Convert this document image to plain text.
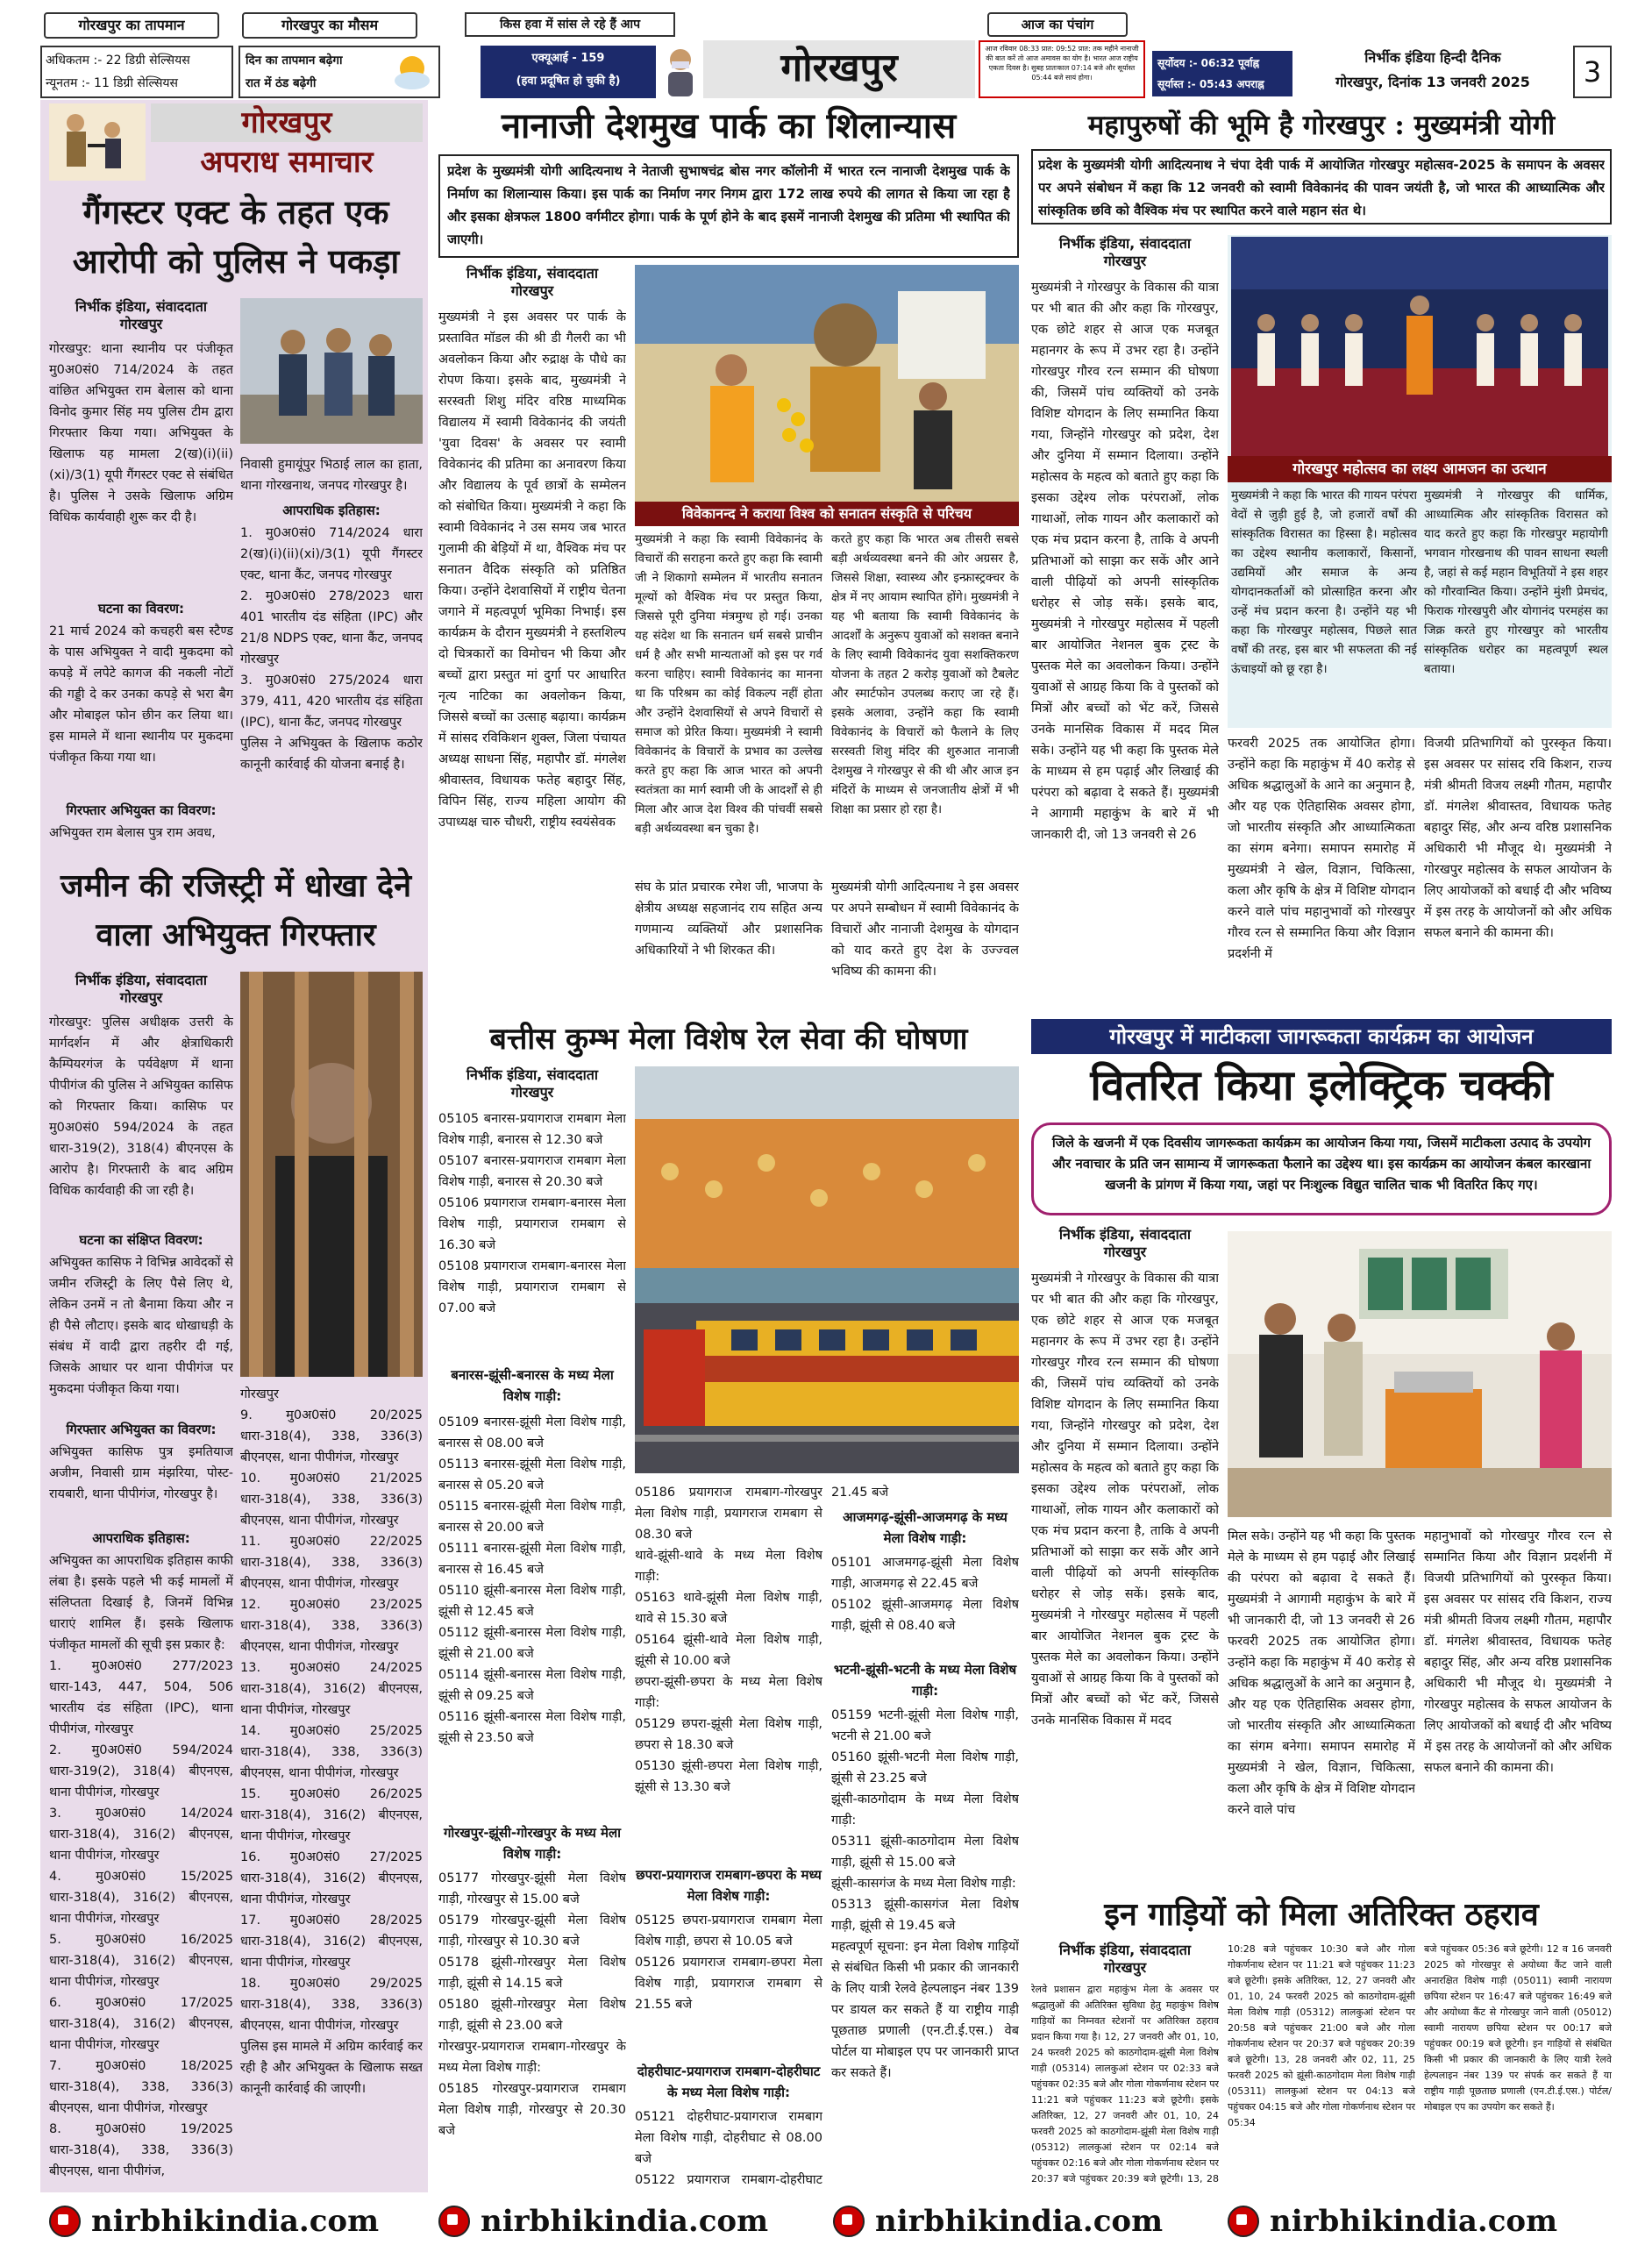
गोरखपुर का तापमान
अधिकतम :- 22 डिग्री सेल्सियस
न्यूनतम :- 11 डिग्री सेल्सियस
गोरखपुर का मौसम
दिन का तापमान बढ़ेगा
रात में ठंड बढ़ेगी
किस हवा में सांस ले रहे हैं आप
एक्यूआई - 159
(हवा प्रदूषित हो चुकी है)	गोरखपुर
आज का पंचांग
आज रविवार 08:33 प्रात: 09:52 प्रात: तक महीने नानाजी की बात करें तो आज अमावस का योग है। भारत आज राष्ट्रीय एकता दिवस है। सुबह प्रातःकाल 07:14 बजे और सूर्यास्त 05:44 बजे सायं होगा।
सूर्योदय :- 06:32 पूर्वाह्न
सूर्यास्त :- 05:43 अपराह्न
निर्भीक इंडिया हिन्दी दैनिक
गोरखपुर, दिनांक 13 जनवरी 2025	3
गोरखपुर
अपराध समाचार
गैंगस्टर एक्ट के तहत एक आरोपी को पुलिस ने पकड़ा
निर्भीक इंडिया, संवाददाता
गोरखपुर
गोरखपुर: थाना स्थानीय पर पंजीकृत मु0अ0सं0 714/2024 के तहत वांछित अभियुक्त राम बेलास को थाना विनोद कुमार सिंह मय पुलिस टीम द्वारा गिरफ्तार किया गया। अभियुक्त के खिलाफ यह मामला 2(ख)(i)(ii)(xi)/3(1) यूपी गैंगस्टर एक्ट से संबंधित है। पुलिस ने उसके खिलाफ अग्रिम विधिक कार्यवाही शुरू कर दी है।
निवासी हुमायूंपुर भिठाई लाल का हाता, थाना गोरखनाथ, जनपद गोरखपुर है।
आपराधिक इतिहास:
1. मु0अ0सं0 714/2024 धारा 2(ख)(i)(ii)(xi)/3(1) यूपी गैंगस्टर एक्ट, थाना कैंट, जनपद गोरखपुर
2. मु0अ0सं0 278/2023 धारा 401 भारतीय दंड संहिता (IPC) और 21/8 NDPS एक्ट, थाना कैंट, जनपद गोरखपुर
3. मु0अ0सं0 275/2024 धारा 379, 411, 420 भारतीय दंड संहिता (IPC), थाना कैंट, जनपद गोरखपुर
पुलिस ने अभियुक्त के खिलाफ कठोर कानूनी कार्रवाई की योजना बनाई है।
घटना का विवरण:
21 मार्च 2024 को कचहरी बस स्टैण्ड के पास अभियुक्त ने वादी मुकदमा को कपड़े में लपेटे कागज की नकली नोटों की गड्डी दे कर उनका कपड़े से भरा बैग और मोबाइल फोन छीन कर लिया था। इस मामले में थाना स्थानीय पर मुकदमा पंजीकृत किया गया था।
गिरफ्तार अभियुक्त का विवरण:
अभियुक्त राम बेलास पुत्र राम अवध,
जमीन की रजिस्ट्री में धोखा देने वाला अभियुक्त गिरफ्तार
निर्भीक इंडिया, संवाददाता
गोरखपुर
गोरखपुर: पुलिस अधीक्षक उत्तरी के मार्गदर्शन में और क्षेत्राधिकारी कैम्पियरगंज के पर्यवेक्षण में थाना पीपीगंज की पुलिस ने अभियुक्त कासिफ को गिरफ्तार किया। कासिफ पर मु0अ0सं0 594/2024 के तहत धारा-319(2), 318(4) बीएनएस के आरोप है। गिरफ्तारी के बाद अग्रिम विधिक कार्यवाही की जा रही है।
घटना का संक्षिप्त विवरण:
अभियुक्त कासिफ ने विभिन्न आवेदकों से जमीन रजिस्ट्री के लिए पैसे लिए थे, लेकिन उनमें न तो बैनामा किया और न ही पैसे लौटाए। इसके बाद धोखाधड़ी के संबंध में वादी द्वारा तहरीर दी गई, जिसके आधार पर थाना पीपीगंज पर मुकदमा पंजीकृत किया गया।
गिरफ्तार अभियुक्त का विवरण:
अभियुक्त कासिफ पुत्र इमतियाज अजीम, निवासी ग्राम मंझरिया, पोस्ट-रायबारी, थाना पीपीगंज, गोरखपुर है।
आपराधिक इतिहास:
अभियुक्त का आपराधिक इतिहास काफी लंबा है। इसके पहले भी कई मामलों में संलिप्तता दिखाई है, जिनमें विभिन्न धाराएं शामिल हैं। इसके खिलाफ पंजीकृत मामलों की सूची इस प्रकार है:
1. मु0अ0सं0 277/2023 धारा-143, 447, 504, 506 भारतीय दंड संहिता (IPC), थाना पीपीगंज, गोरखपुर
2. मु0अ0सं0 594/2024 धारा-319(2), 318(4) बीएनएस, थाना पीपीगंज, गोरखपुर
3. मु0अ0सं0 14/2024 धारा-318(4), 316(2) बीएनएस, थाना पीपीगंज, गोरखपुर
4. मु0अ0सं0 15/2025 धारा-318(4), 316(2) बीएनएस, थाना पीपीगंज, गोरखपुर
5. मु0अ0सं0 16/2025 धारा-318(4), 316(2) बीएनएस, थाना पीपीगंज, गोरखपुर
6. मु0अ0सं0 17/2025 धारा-318(4), 316(2) बीएनएस, थाना पीपीगंज, गोरखपुर
7. मु0अ0सं0 18/2025 धारा-318(4), 338, 336(3) बीएनएस, थाना पीपीगंज, गोरखपुर
8. मु0अ0सं0 19/2025 धारा-318(4), 338, 336(3) बीएनएस, थाना पीपीगंज,
गोरखपुर
9. मु0अ0सं0 20/2025 धारा-318(4), 338, 336(3) बीएनएस, थाना पीपीगंज, गोरखपुर
10. मु0अ0सं0 21/2025 धारा-318(4), 338, 336(3) बीएनएस, थाना पीपीगंज, गोरखपुर
11. मु0अ0सं0 22/2025 धारा-318(4), 338, 336(3) बीएनएस, थाना पीपीगंज, गोरखपुर
12. मु0अ0सं0 23/2025 धारा-318(4), 338, 336(3) बीएनएस, थाना पीपीगंज, गोरखपुर
13. मु0अ0सं0 24/2025 धारा-318(4), 316(2) बीएनएस, थाना पीपीगंज, गोरखपुर
14. मु0अ0सं0 25/2025 धारा-318(4), 338, 336(3) बीएनएस, थाना पीपीगंज, गोरखपुर
15. मु0अ0सं0 26/2025 धारा-318(4), 316(2) बीएनएस, थाना पीपीगंज, गोरखपुर
16. मु0अ0सं0 27/2025 धारा-318(4), 316(2) बीएनएस, थाना पीपीगंज, गोरखपुर
17. मु0अ0सं0 28/2025 धारा-318(4), 316(2) बीएनएस, थाना पीपीगंज, गोरखपुर
18. मु0अ0सं0 29/2025 धारा-318(4), 338, 336(3) बीएनएस, थाना पीपीगंज, गोरखपुर
पुलिस इस मामले में अग्रिम कार्रवाई कर रही है और अभियुक्त के खिलाफ सख्त कानूनी कार्रवाई की जाएगी।
नानाजी देशमुख पार्क का शिलान्यास
प्रदेश के मुख्यमंत्री योगी आदित्यनाथ ने नेताजी सुभाषचंद्र बोस नगर कॉलोनी में भारत रत्न नानाजी देशमुख पार्क के निर्माण का शिलान्यास किया। इस पार्क का निर्माण नगर निगम द्वारा 172 लाख रुपये की लागत से किया जा रहा है और इसका क्षेत्रफल 1800 वर्गमीटर होगा। पार्क के पूर्ण होने के बाद इसमें नानाजी देशमुख की प्रतिमा भी स्थापित की जाएगी।
निर्भीक इंडिया, संवाददाता
गोरखपुर
मुख्यमंत्री ने इस अवसर पर पार्क के प्रस्तावित मॉडल की श्री डी गैलरी का भी अवलोकन किया और रुद्राक्ष के पौधे का रोपण किया। इसके बाद, मुख्यमंत्री ने सरस्वती शिशु मंदिर वरिष्ठ माध्यमिक विद्यालय में स्वामी विवेकानंद की जयंती 'युवा दिवस' के अवसर पर स्वामी विवेकानंद की प्रतिमा का अनावरण किया और विद्यालय के पूर्व छात्रों के सम्मेलन को संबोधित किया। मुख्यमंत्री ने कहा कि स्वामी विवेकानंद ने उस समय जब भारत गुलामी की बेड़ियों में था, वैश्विक मंच पर सनातन वैदिक संस्कृति को प्रतिष्ठित किया। उन्होंने देशवासियों में राष्ट्रीय चेतना जगाने में महत्वपूर्ण भूमिका निभाई। इस कार्यक्रम के दौरान मुख्यमंत्री ने हस्तशिल्प दो चित्रकारों का विमोचन भी किया और बच्चों द्वारा प्रस्तुत मां दुर्गा पर आधारित नृत्य नाटिका का अवलोकन किया, जिससे बच्चों का उत्साह बढ़ाया। कार्यक्रम में सांसद रविकिशन शुक्ल, जिला पंचायत अध्यक्ष साधना सिंह, महापौर डॉ. मंगलेश श्रीवास्तव, विधायक फतेह बहादुर सिंह, विपिन सिंह, राज्य महिला आयोग की उपाध्यक्ष चारु चौधरी, राष्ट्रीय स्वयंसेवक
विवेकानन्द ने कराया विश्व को सनातन संस्कृति से परिचय
मुख्यमंत्री ने कहा कि स्वामी विवेकानंद के विचारों की सराहना करते हुए कहा कि स्वामी जी ने शिकागो सम्मेलन में भारतीय सनातन मूल्यों को वैश्विक मंच पर प्रस्तुत किया, जिससे पूरी दुनिया मंत्रमुग्ध हो गई। उनका यह संदेश था कि सनातन धर्म सबसे प्राचीन धर्म है और सभी मान्यताओं को इस पर गर्व करना चाहिए। स्वामी विवेकानंद का मानना था कि परिश्रम का कोई विकल्प नहीं होता और उन्होंने देशवासियों से अपने विचारों से समाज को प्रेरित किया। मुख्यमंत्री ने स्वामी विवेकानंद के विचारों के प्रभाव का उल्लेख करते हुए कहा कि आज भारत को अपनी स्वतंत्रता का मार्ग स्वामी जी के आदर्शों से ही मिला और आज देश विश्व की पांचवीं सबसे बड़ी अर्थव्यवस्था बन चुका है।
करते हुए कहा कि भारत अब तीसरी सबसे बड़ी अर्थव्यवस्था बनने की ओर अग्रसर है, जिससे शिक्षा, स्वास्थ्य और इन्फ्रास्ट्रक्चर के क्षेत्र में नए आयाम स्थापित होंगे। मुख्यमंत्री ने यह भी बताया कि स्वामी विवेकानंद के आदर्शों के अनुरूप युवाओं को सशक्त बनाने के लिए स्वामी विवेकानंद युवा सशक्तिकरण योजना के तहत 2 करोड़ युवाओं को टैबलेट और स्मार्टफोन उपलब्ध कराए जा रहे हैं। इसके अलावा, उन्होंने कहा कि स्वामी विवेकानंद के विचारों को फैलाने के लिए सरस्वती शिशु मंदिर की शुरुआत नानाजी देशमुख ने गोरखपुर से की थी और आज इन मंदिरों के माध्यम से जनजातीय क्षेत्रों में भी शिक्षा का प्रसार हो रहा है।
संघ के प्रांत प्रचारक रमेश जी, भाजपा के क्षेत्रीय अध्यक्ष सहजानंद राय सहित अन्य गणमान्य व्यक्तियों और प्रशासनिक अधिकारियों ने भी शिरकत की।
मुख्यमंत्री योगी आदित्यनाथ ने इस अवसर पर अपने सम्बोधन में स्वामी विवेकानंद के विचारों और नानाजी देशमुख के योगदान को याद करते हुए देश के उज्ज्वल भविष्य की कामना की।
बत्तीस कुम्भ मेला विशेष रेल सेवा की घोषणा
निर्भीक इंडिया, संवाददाता
गोरखपुर
05105 बनारस-प्रयागराज रामबाग मेला विशेष गाड़ी, बनारस से 12.30 बजे
05107 बनारस-प्रयागराज रामबाग मेला विशेष गाड़ी, बनारस से 20.30 बजे
05106 प्रयागराज रामबाग-बनारस मेला विशेष गाड़ी, प्रयागराज रामबाग से 16.30 बजे
05108 प्रयागराज रामबाग-बनारस मेला विशेष गाड़ी, प्रयागराज रामबाग से 07.00 बजे
बनारस-झूंसी-बनारस के मध्य मेला विशेष गाड़ी:
05109 बनारस-झूंसी मेला विशेष गाड़ी, बनारस से 08.00 बजे
05113 बनारस-झूंसी मेला विशेष गाड़ी, बनारस से 05.20 बजे
05115 बनारस-झूंसी मेला विशेष गाड़ी, बनारस से 20.00 बजे
05111 बनारस-झूंसी मेला विशेष गाड़ी, बनारस से 16.45 बजे
05110 झूंसी-बनारस मेला विशेष गाड़ी, झूंसी से 12.45 बजे
05112 झूंसी-बनारस मेला विशेष गाड़ी, झूंसी से 21.00 बजे
05114 झूंसी-बनारस मेला विशेष गाड़ी, झूंसी से 09.25 बजे
05116 झूंसी-बनारस मेला विशेष गाड़ी, झूंसी से 23.50 बजे
गोरखपुर-झूंसी-गोरखपुर के मध्य मेला विशेष गाड़ी:
05177 गोरखपुर-झूंसी मेला विशेष गाड़ी, गोरखपुर से 15.00 बजे
05179 गोरखपुर-झूंसी मेला विशेष गाड़ी, गोरखपुर से 10.30 बजे
05178 झूंसी-गोरखपुर मेला विशेष गाड़ी, झूंसी से 14.15 बजे
05180 झूंसी-गोरखपुर मेला विशेष गाड़ी, झूंसी से 23.00 बजे
गोरखपुर-प्रयागराज रामबाग-गोरखपुर के मध्य मेला विशेष गाड़ी:
05185 गोरखपुर-प्रयागराज रामबाग मेला विशेष गाड़ी, गोरखपुर से 20.30 बजे
05186 प्रयागराज रामबाग-गोरखपुर मेला विशेष गाड़ी, प्रयागराज रामबाग से 08.30 बजे
थावे-झूंसी-थावे के मध्य मेला विशेष गाड़ी:
05163 थावे-झूंसी मेला विशेष गाड़ी, थावे से 15.30 बजे
05164 झूंसी-थावे मेला विशेष गाड़ी, झूंसी से 10.00 बजे
छपरा-झूंसी-छपरा के मध्य मेला विशेष गाड़ी:
05129 छपरा-झूंसी मेला विशेष गाड़ी, छपरा से 18.30 बजे
05130 झूंसी-छपरा मेला विशेष गाड़ी, झूंसी से 13.30 बजे
छपरा-प्रयागराज रामबाग-छपरा के मध्य मेला विशेष गाड़ी:
05125 छपरा-प्रयागराज रामबाग मेला विशेष गाड़ी, छपरा से 10.05 बजे
05126 प्रयागराज रामबाग-छपरा मेला विशेष गाड़ी, प्रयागराज रामबाग से 21.55 बजे
दोहरीघाट-प्रयागराज रामबाग-दोहरीघाट के मध्य मेला विशेष गाड़ी:
05121 दोहरीघाट-प्रयागराज रामबाग मेला विशेष गाड़ी, दोहरीघाट से 08.00 बजे
05122 प्रयागराज रामबाग-दोहरीघाट
21.45 बजे
आजमगढ़-झूंसी-आजमगढ़ के मध्य मेला विशेष गाड़ी:
05101 आजमगढ़-झूंसी मेला विशेष गाड़ी, आजमगढ़ से 22.45 बजे
05102 झूंसी-आजमगढ़ मेला विशेष गाड़ी, झूंसी से 08.40 बजे
भटनी-झूंसी-भटनी के मध्य मेला विशेष गाड़ी:
05159 भटनी-झूंसी मेला विशेष गाड़ी, भटनी से 21.00 बजे
05160 झूंसी-भटनी मेला विशेष गाड़ी, झूंसी से 23.25 बजे
झूंसी-काठगोदाम के मध्य मेला विशेष गाड़ी:
05311 झूंसी-काठगोदाम मेला विशेष गाड़ी, झूंसी से 15.00 बजे
झूंसी-कासगंज के मध्य मेला विशेष गाड़ी:
05313 झूंसी-कासगंज मेला विशेष गाड़ी, झूंसी से 19.45 बजे
महत्वपूर्ण सूचना: इन मेला विशेष गाड़ियों से संबंधित किसी भी प्रकार की जानकारी के लिए यात्री रेलवे हेल्पलाइन नंबर 139 पर डायल कर सकते हैं या राष्ट्रीय गाड़ी पूछताछ प्रणाली (एन.टी.ई.एस.) वेब पोर्टल या मोबाइल एप पर जानकारी प्राप्त कर सकते हैं।
महापुरुषों की भूमि है गोरखपुर : मुख्यमंत्री योगी
प्रदेश के मुख्यमंत्री योगी आदित्यनाथ ने चंपा देवी पार्क में आयोजित गोरखपुर महोत्सव-2025 के समापन के अवसर पर अपने संबोधन में कहा कि 12 जनवरी को स्वामी विवेकानंद की पावन जयंती है, जो भारत की आध्यात्मिक और सांस्कृतिक छवि को वैश्विक मंच पर स्थापित करने वाले महान संत थे।
निर्भीक इंडिया, संवाददाता
गोरखपुर
मुख्यमंत्री ने गोरखपुर के विकास की यात्रा पर भी बात की और कहा कि गोरखपुर, एक छोटे शहर से आज एक मजबूत महानगर के रूप में उभर रहा है। उन्होंने गोरखपुर गौरव रत्न सम्मान की घोषणा की, जिसमें पांच व्यक्तियों को उनके विशिष्ट योगदान के लिए सम्मानित किया गया, जिन्होंने गोरखपुर को प्रदेश, देश और दुनिया में सम्मान दिलाया। उन्होंने महोत्सव के महत्व को बताते हुए कहा कि इसका उद्देश्य लोक परंपराओं, लोक गाथाओं, लोक गायन और कलाकारों को एक मंच प्रदान करना है, ताकि वे अपनी प्रतिभाओं को साझा कर सकें और आने वाली पीढ़ियों को अपनी सांस्कृतिक धरोहर से जोड़ सकें। इसके बाद, मुख्यमंत्री ने गोरखपुर महोत्सव में पहली बार आयोजित नेशनल बुक ट्रस्ट के पुस्तक मेले का अवलोकन किया। उन्होंने युवाओं से आग्रह किया कि वे पुस्तकों को मित्रों और बच्चों को भेंट करें, जिससे उनके मानसिक विकास में मदद मिल सके। उन्होंने यह भी कहा कि पुस्तक मेले के माध्यम से हम पढ़ाई और लिखाई की परंपरा को बढ़ावा दे सकते हैं। मुख्यमंत्री ने आगामी महाकुंभ के बारे में भी जानकारी दी, जो 13 जनवरी से 26
गोरखपुर महोत्सव का लक्ष्य आमजन का उत्थान
मुख्यमंत्री ने कहा कि भारत की गायन परंपरा वेदों से जुड़ी हुई है, जो हजारों वर्षों की सांस्कृतिक विरासत का हिस्सा है। महोत्सव का उद्देश्य स्थानीय कलाकारों, किसानों, उद्यमियों और समाज के अन्य योगदानकर्ताओं को प्रोत्साहित करना और उन्हें मंच प्रदान करना है। उन्होंने यह भी कहा कि गोरखपुर महोत्सव, पिछले सात वर्षों की तरह, इस बार भी सफलता की नई ऊंचाइयों को छू रहा है।
मुख्यमंत्री ने गोरखपुर की धार्मिक, आध्यात्मिक और सांस्कृतिक विरासत को याद करते हुए कहा कि गोरखपुर महायोगी भगवान गोरखनाथ की पावन साधना स्थली है, जहां से कई महान विभूतियों ने इस शहर को गौरवान्वित किया। उन्होंने मुंशी प्रेमचंद, फिराक गोरखपुरी और योगानंद परमहंस का जिक्र करते हुए गोरखपुर को भारतीय सांस्कृतिक धरोहर का महत्वपूर्ण स्थल बताया।
फरवरी 2025 तक आयोजित होगा। उन्होंने कहा कि महाकुंभ में 40 करोड़ से अधिक श्रद्धालुओं के आने का अनुमान है, और यह एक ऐतिहासिक अवसर होगा, जो भारतीय संस्कृति और आध्यात्मिकता का संगम बनेगा। समापन समारोह में मुख्यमंत्री ने खेल, विज्ञान, चिकित्सा, कला और कृषि के क्षेत्र में विशिष्ट योगदान करने वाले पांच महानुभावों को गोरखपुर गौरव रत्न से सम्मानित किया और विज्ञान प्रदर्शनी में
विजयी प्रतिभागियों को पुरस्कृत किया। इस अवसर पर सांसद रवि किशन, राज्य मंत्री श्रीमती विजय लक्ष्मी गौतम, महापौर डॉ. मंगलेश श्रीवास्तव, विधायक फतेह बहादुर सिंह, और अन्य वरिष्ठ प्रशासनिक अधिकारी भी मौजूद थे। मुख्यमंत्री ने गोरखपुर महोत्सव के सफल आयोजन के लिए आयोजकों को बधाई दी और भविष्य में इस तरह के आयोजनों को और अधिक सफल बनाने की कामना की।
गोरखपुर में माटीकला जागरूकता कार्यक्रम का आयोजन
वितरित किया इलेक्ट्रिक चक्की
जिले के खजनी में एक दिवसीय जागरूकता कार्यक्रम का आयोजन किया गया, जिसमें माटीकला उत्पाद के उपयोग और नवाचार के प्रति जन सामान्य में जागरूकता फैलाने का उद्देश्य था। इस कार्यक्रम का आयोजन कंबल कारखाना खजनी के प्रांगण में किया गया, जहां पर निःशुल्क विद्युत चालित चाक भी वितरित किए गए।
निर्भीक इंडिया, संवाददाता
गोरखपुर
मुख्यमंत्री ने गोरखपुर के विकास की यात्रा पर भी बात की और कहा कि गोरखपुर, एक छोटे शहर से आज एक मजबूत महानगर के रूप में उभर रहा है। उन्होंने गोरखपुर गौरव रत्न सम्मान की घोषणा की, जिसमें पांच व्यक्तियों को उनके विशिष्ट योगदान के लिए सम्मानित किया गया, जिन्होंने गोरखपुर को प्रदेश, देश और दुनिया में सम्मान दिलाया। उन्होंने महोत्सव के महत्व को बताते हुए कहा कि इसका उद्देश्य लोक परंपराओं, लोक गाथाओं, लोक गायन और कलाकारों को एक मंच प्रदान करना है, ताकि वे अपनी प्रतिभाओं को साझा कर सकें और आने वाली पीढ़ियों को अपनी सांस्कृतिक धरोहर से जोड़ सकें। इसके बाद, मुख्यमंत्री ने गोरखपुर महोत्सव में पहली बार आयोजित नेशनल बुक ट्रस्ट के पुस्तक मेले का अवलोकन किया। उन्होंने युवाओं से आग्रह किया कि वे पुस्तकों को मित्रों और बच्चों को भेंट करें, जिससे उनके मानसिक विकास में मदद
मिल सके। उन्होंने यह भी कहा कि पुस्तक मेले के माध्यम से हम पढ़ाई और लिखाई की परंपरा को बढ़ावा दे सकते हैं। मुख्यमंत्री ने आगामी महाकुंभ के बारे में भी जानकारी दी, जो 13 जनवरी से 26 फरवरी 2025 तक आयोजित होगा। उन्होंने कहा कि महाकुंभ में 40 करोड़ से अधिक श्रद्धालुओं के आने का अनुमान है, और यह एक ऐतिहासिक अवसर होगा, जो भारतीय संस्कृति और आध्यात्मिकता का संगम बनेगा। समापन समारोह में मुख्यमंत्री ने खेल, विज्ञान, चिकित्सा, कला और कृषि के क्षेत्र में विशिष्ट योगदान करने वाले पांच
महानुभावों को गोरखपुर गौरव रत्न से सम्मानित किया और विज्ञान प्रदर्शनी में विजयी प्रतिभागियों को पुरस्कृत किया। इस अवसर पर सांसद रवि किशन, राज्य मंत्री श्रीमती विजय लक्ष्मी गौतम, महापौर डॉ. मंगलेश श्रीवास्तव, विधायक फतेह बहादुर सिंह, और अन्य वरिष्ठ प्रशासनिक अधिकारी भी मौजूद थे। मुख्यमंत्री ने गोरखपुर महोत्सव के सफल आयोजन के लिए आयोजकों को बधाई दी और भविष्य में इस तरह के आयोजनों को और अधिक सफल बनाने की कामना की।
इन गाड़ियों को मिला अतिरिक्त ठहराव
निर्भीक इंडिया, संवाददाता
गोरखपुर
रेलवे प्रशासन द्वारा महाकुंभ मेला के अवसर पर श्रद्धालुओं की अतिरिक्त सुविधा हेतु महाकुंभ विशेष गाड़ियों का निम्नवत स्टेशनों पर अतिरिक्त ठहराव प्रदान किया गया है। 12, 27 जनवरी और 01, 10, 24 फरवरी 2025 को काठगोदाम-झूंसी मेला विशेष गाड़ी (05314) लालकुआं स्टेशन पर 02:33 बजे पहुंचकर 02:35 बजे और गोला गोकर्णनाथ स्टेशन पर 11:21 बजे पहुंचकर 11:23 बजे छूटेगी। इसके अतिरिक्त, 12, 27 जनवरी और 01, 10, 24 फरवरी 2025 को काठगोदाम-झूंसी मेला विशेष गाड़ी (05312) लालकुआं स्टेशन पर 02:14 बजे पहुंचकर 02:16 बजे और गोला गोकर्णनाथ स्टेशन पर 20:37 बजे पहुंचकर 20:39 बजे छूटेगी। 13, 28
10:28 बजे पहुंचकर 10:30 बजे और गोला गोकर्णनाथ स्टेशन पर 11:21 बजे पहुंचकर 11:23 बजे छूटेगी। इसके अतिरिक्त, 12, 27 जनवरी और 01, 10, 24 फरवरी 2025 को काठगोदाम-झूंसी मेला विशेष गाड़ी (05312) लालकुआं स्टेशन पर 20:58 बजे पहुंचकर 21:00 बजे और गोला गोकर्णनाथ स्टेशन पर 20:37 बजे पहुंचकर 20:39 बजे छूटेगी। 13, 28 जनवरी और 02, 11, 25 फरवरी 2025 को झूंसी-काठगोदाम मेला विशेष गाड़ी (05311) लालकुआं स्टेशन पर 04:13 बजे पहुंचकर 04:15 बजे और गोला गोकर्णनाथ स्टेशन पर 05:34
बजे पहुंचकर 05:36 बजे छूटेगी। 12 व 16 जनवरी 2025 को गोरखपुर से अयोध्या कैंट जाने वाली अनारक्षित विशेष गाड़ी (05011) स्वामी नारायण छपिया स्टेशन पर 16:47 बजे पहुंचकर 16:49 बजे और अयोध्या कैंट से गोरखपुर जाने वाली (05012) स्वामी नारायण छपिया स्टेशन पर 00:17 बजे पहुंचकर 00:19 बजे छूटेगी। इन गाड़ियों से संबंधित किसी भी प्रकार की जानकारी के लिए यात्री रेलवे हेल्पलाइन नंबर 139 पर संपर्क कर सकते हैं या राष्ट्रीय गाड़ी पूछताछ प्रणाली (एन.टी.ई.एस.) पोर्टल/मोबाइल एप का उपयोग कर सकते हैं।
nirbhikindia.com	nirbhikindia.com	nirbhikindia.com	nirbhikindia.com
